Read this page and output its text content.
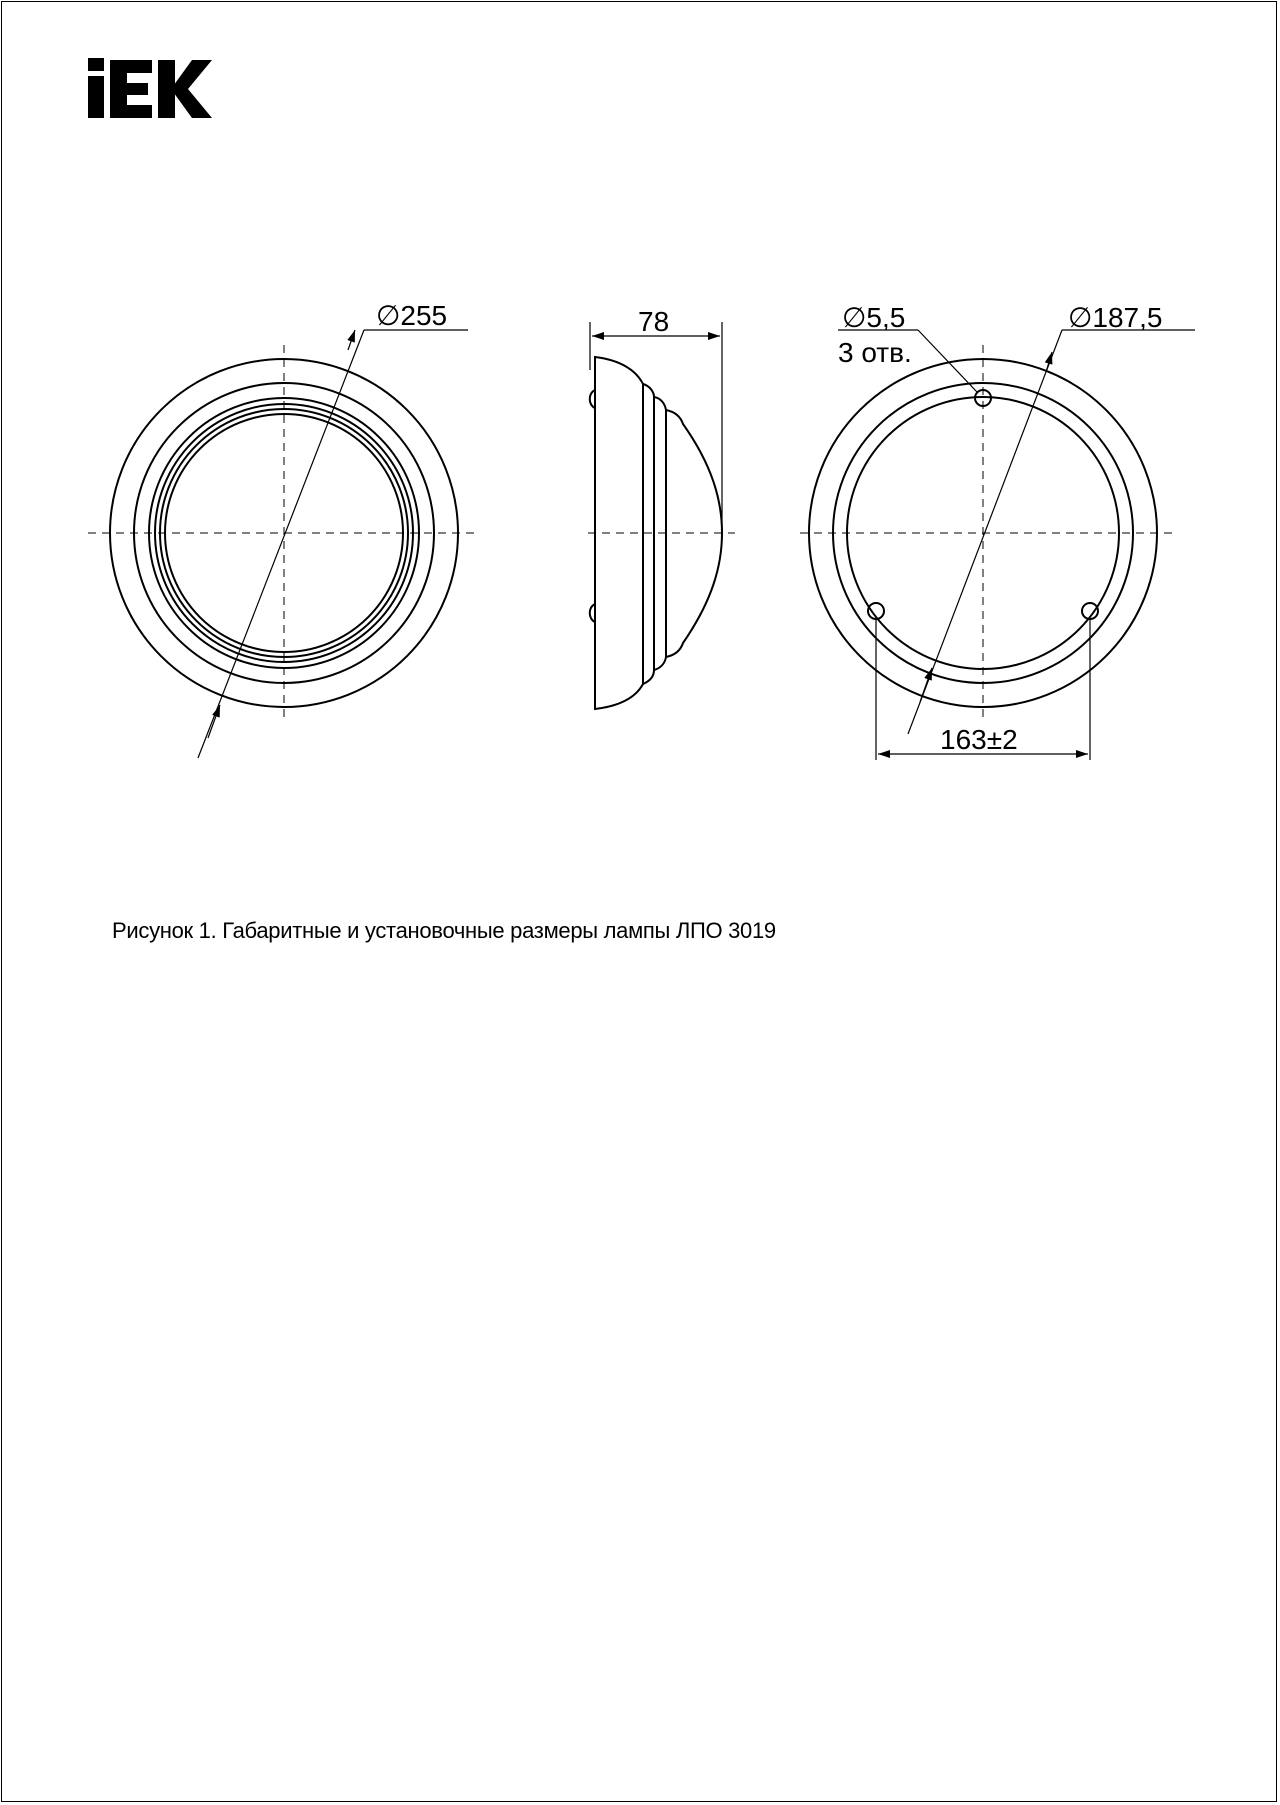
∅255	78	∅5,5
3 отв.
∅187,5
163±2
Рисунок 1. Габаритные и установочные размеры лампы ЛПО 3019
